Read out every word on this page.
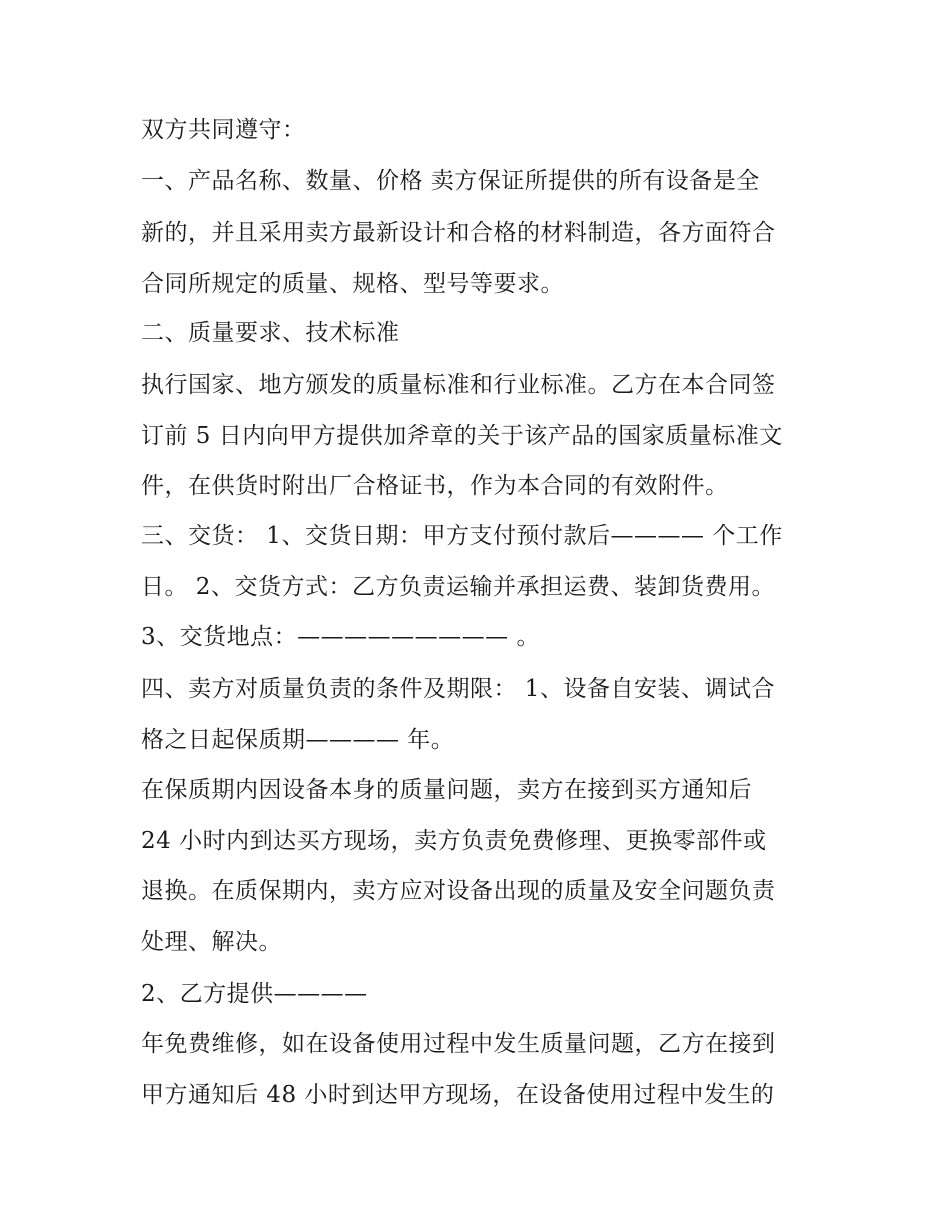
双方共同遵守：
一、产品名称、数量、价格 卖方保证所提供的所有设备是全
新的，并且采用卖方最新设计和合格的材料制造，各方面符合
合同所规定的质量、规格、型号等要求。
二、质量要求、技术标准
执行国家、地方颁发的质量标准和行业标准。乙方在本合同签
订前 5 日内向甲方提供加斧章的关于该产品的国家质量标准文
件，在供货时附出厂合格证书，作为本合同的有效附件。
三、交货： 1、交货日期：甲方支付预付款后———— 个工作
日。 2、交货方式：乙方负责运输并承担运费、装卸货费用。
3、交货地点：————————— 。
四、卖方对质量负责的条件及期限： 1、设备自安装、调试合
格之日起保质期———— 年。
在保质期内因设备本身的质量问题，卖方在接到买方通知后
24 小时内到达买方现场，卖方负责免费修理、更换零部件或
退换。在质保期内，卖方应对设备出现的质量及安全问题负责
处理、解决。
2、乙方提供————
年免费维修，如在设备使用过程中发生质量问题，乙方在接到
甲方通知后 48 小时到达甲方现场，在设备使用过程中发生的
